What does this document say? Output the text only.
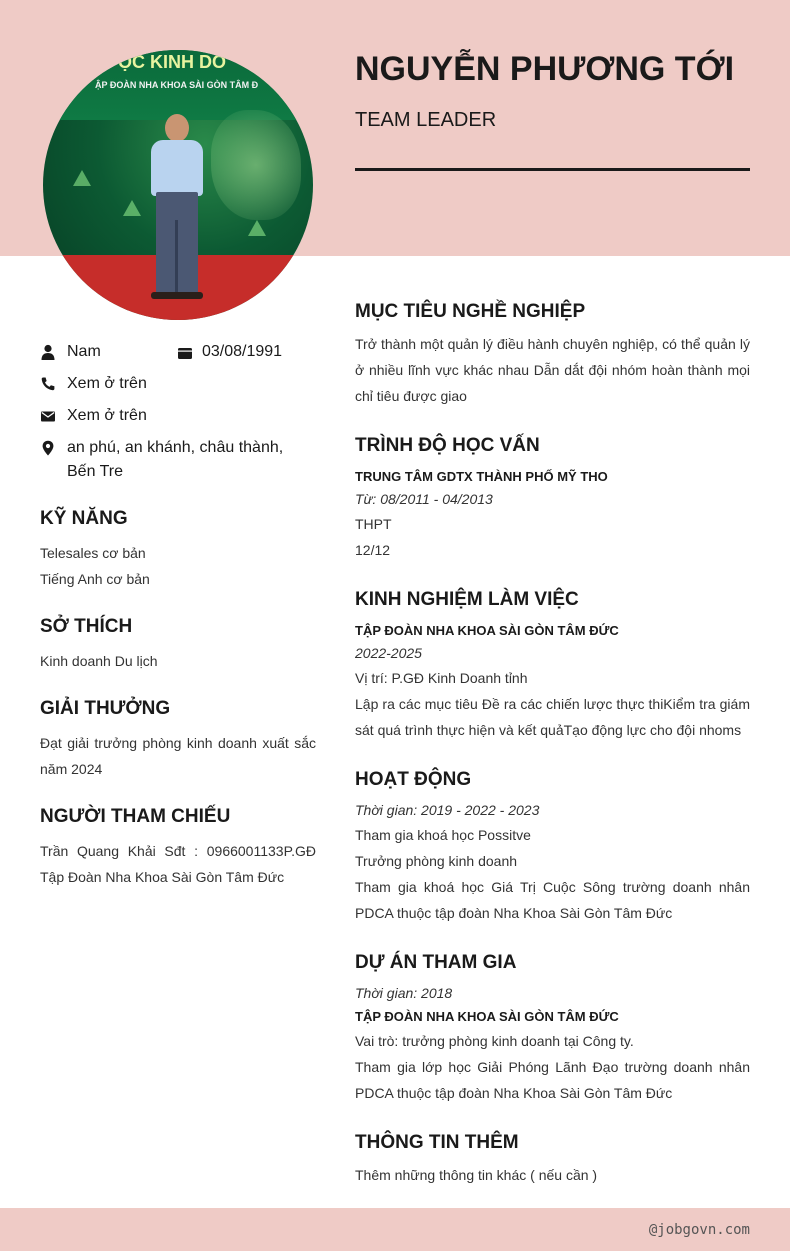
ỌC KINH DO
ẬP ĐOÀN NHA KHOA SÀI GÒN TÂM Đ	NGUYỄN PHƯƠNG TỚI
TEAM LEADER
Nam	03/08/1991
Xem ở trên
Xem ở trên
an phú, an khánh, châu thành, Bến Tre
KỸ NĂNG
Telesales cơ bản
Tiếng Anh cơ bản
SỞ THÍCH
Kinh doanh Du lịch
GIẢI THƯỞNG
Đạt giải trưởng phòng kinh doanh xuất sắc năm 2024
NGƯỜI THAM CHIẾU
Trần Quang Khải Sđt : 0966001133P.GĐ Tập Đoàn Nha Khoa Sài Gòn Tâm Đức
MỤC TIÊU NGHỀ NGHIỆP
Trở thành một quản lý điều hành chuyên nghiệp, có thể quản lý ở nhiều lĩnh vực khác nhau Dẫn dắt đội nhóm hoàn thành mọi chỉ tiêu được giao
TRÌNH ĐỘ HỌC VẤN
TRUNG TÂM GDTX THÀNH PHỐ MỸ THO
Từ: 08/2011 - 04/2013
THPT
12/12
KINH NGHIỆM LÀM VIỆC
TẬP ĐOÀN NHA KHOA SÀI GÒN TÂM ĐỨC
2022-2025
Vị trí: P.GĐ Kinh Doanh tỉnh
Lập ra các mục tiêu Đề ra các chiến lược thực thiKiểm tra giám sát quá trình thực hiện và kết quảTạo động lực cho đội nhoms
HOẠT ĐỘNG
Thời gian: 2019 - 2022 - 2023
Tham gia khoá học Possitve
Trưởng phòng kinh doanh
Tham gia khoá học Giá Trị Cuộc Sông trường doanh nhân PDCA thuộc tập đoàn Nha Khoa Sài Gòn Tâm Đức
DỰ ÁN THAM GIA
Thời gian: 2018
TẬP ĐOÀN NHA KHOA SÀI GÒN TÂM ĐỨC
Vai trò: trưởng phòng kinh doanh tại Công ty.
Tham gia lớp học Giải Phóng Lãnh Đạo trường doanh nhân PDCA thuộc tập đoàn Nha Khoa Sài Gòn Tâm Đức
THÔNG TIN THÊM
Thêm những thông tin khác ( nếu cần )
@jobgovn.com
